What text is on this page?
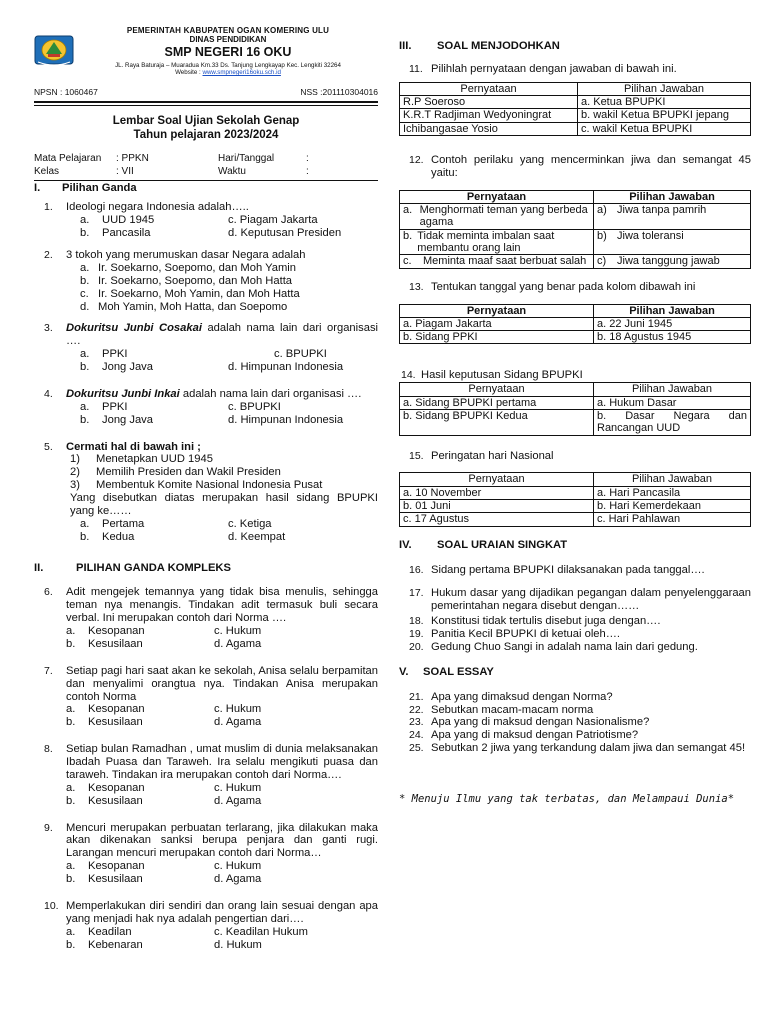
PEMERINTAH KABUPATEN OGAN KOMERING ULU
DINAS PENDIDIKAN
SMP NEGERI 16 OKU
JL. Raya Baturaja – Muaradua Km.33 Ds. Tanjung Lengkayap Kec. Lengkiti 32264
Website : www.smpnegeri16oku.sch.id
NPSN : 1060467	NSS :201110304016
Lembar Soal Ujian Sekolah Genap
Tahun pelajaran 2023/2024
Mata Pelajaran : PPKN	Hari/Tanggal	:
Kelas	: VII	Waktu	:
I.	Pilihan Ganda
1.	Ideologi negara Indonesia adalah…..
a.	UUD 1945	c. Piagam Jakarta
b.	Pancasila	d. Keputusan Presiden
2.	3 tokoh yang merumuskan dasar Negara adalah
a. Ir. Soekarno, Soepomo, dan Moh Yamin
b. Ir. Soekarno, Soepomo, dan Moh Hatta
c. Ir. Soekarno, Moh Yamin, dan Moh Hatta
d. Moh Yamin, Moh Hatta, dan Soepomo
3.	Dokuritsu Junbi Cosakai adalah nama lain dari organisasi ….
a.	PPKI	c. BPUPKI
b.	Jong Java	d. Himpunan Indonesia
4.	Dokuritsu Junbi Inkai adalah nama lain dari organisasi ….
a.	PPKI	c. BPUPKI
b.	Jong Java	d. Himpunan Indonesia
5.	Cermati hal di bawah ini ;
1)	Menetapkan UUD 1945
2)	Memilih Presiden dan Wakil Presiden
3)	Membentuk Komite Nasional Indonesia Pusat
Yang disebutkan diatas merupakan hasil sidang BPUPKI yang ke……
a.	Pertama	c. Ketiga
b.	Kedua	d. Keempat
II.	PILIHAN GANDA KOMPLEKS
6.	Adit mengejek temannya yang tidak bisa menulis, sehingga teman nya menangis. Tindakan adit termasuk buli secara verbal. Ini merupakan contoh dari Norma ….
a.	Kesopanan	c. Hukum
b.	Kesusilaan	d. Agama
7.	Setiap pagi hari saat akan ke sekolah, Anisa selalu berpamitan dan menyalimi orangtua nya. Tindakan Anisa merupakan contoh Norma
a.	Kesopanan	c. Hukum
b.	Kesusilaan	d. Agama
8.	Setiap bulan Ramadhan , umat muslim di dunia melaksanakan Ibadah Puasa dan Taraweh. Ira selalu mengikuti puasa dan taraweh. Tindakan ira merupakan contoh dari Norma….
a.	Kesopanan	c. Hukum
b.	Kesusilaan	d. Agama
9.	Mencuri merupakan perbuatan terlarang, jika dilakukan maka akan dikenakan sanksi berupa penjara dan ganti rugi. Larangan mencuri merupakan contoh dari Norma…
a.	Kesopanan	c. Hukum
b.	Kesusilaan	d. Agama
10. Memperlakukan diri sendiri dan orang lain sesuai dengan apa yang menjadi hak nya adalah pengertian dari….
a.	Keadilan	c. Keadilan Hukum
b.	Kebenaran	d. Hukum
III.	SOAL MENJODOHKAN
11. Pilihlah pernyataan dengan jawaban di bawah ini.
Pernyataan	Pilihan Jawaban
R.P Soeroso	a. Ketua BPUPKI
K.R.T Radjiman Wedyoningrat	b. wakil Ketua BPUPKI jepang
Ichibangasae Yosio	c. wakil Ketua BPUPKI
12. Contoh perilaku yang mencerminkan jiwa dan semangat 45 yaitu:
Pernyataan	Pilihan Jawaban

a. Menghormati teman yang berbeda agama	a) Jiwa tanpa pamrih

b. Tidak meminta imbalan saat membantu orang lain	b) Jiwa toleransi

c. Meminta maaf saat berbuat salah	c) Jiwa tanggung jawab
13. Tentukan tanggal yang benar pada kolom dibawah ini
Pernyataan	Pilihan Jawaban
a. Piagam Jakarta	a. 22 Juni 1945
b. Sidang PPKI	b. 18 Agustus 1945
14. Hasil keputusan Sidang BPUPKI
Pernyataan	Pilihan Jawaban
a. Sidang BPUPKI pertama	a. Hukum Dasar
b. Sidang BPUPKI Kedua	b. Dasar Negara dan Rancangan UUD
15. Peringatan hari Nasional
Pernyataan	Pilihan Jawaban
a. 10 November	a. Hari Pancasila
b. 01 Juni	b. Hari Kemerdekaan
c. 17 Agustus	c. Hari Pahlawan
IV.	SOAL URAIAN SINGKAT
16. Sidang pertama BPUPKI dilaksanakan pada tanggal….
17. Hukum dasar yang dijadikan pegangan dalam penyelenggaraan pemerintahan negara disebut dengan……
18. Konstitusi tidak tertulis disebut juga dengan….
19. Panitia Kecil BPUPKI di ketuai oleh….
20. Gedung Chuo Sangi in adalah nama lain dari gedung.
V.	SOAL ESSAY
21. Apa yang dimaksud dengan Norma?
22. Sebutkan macam-macam norma
23. Apa yang di maksud dengan Nasionalisme?
24. Apa yang di maksud dengan Patriotisme?
25. Sebutkan 2 jiwa yang terkandung dalam jiwa dan semangat 45!
* Menuju Ilmu yang tak terbatas, dan Melampaui Dunia*
